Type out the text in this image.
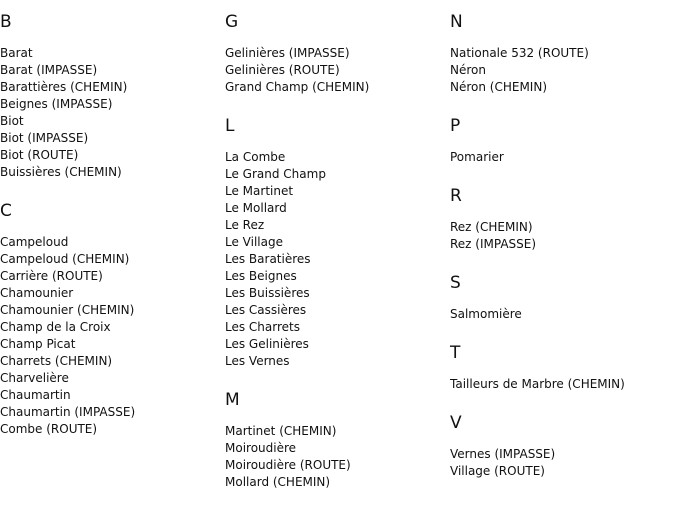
B
Barat
Barat (IMPASSE)
Barattières (CHEMIN)
Beignes (IMPASSE)
Biot
Biot (IMPASSE)
Biot (ROUTE)
Buissières (CHEMIN)
C
Campeloud
Campeloud (CHEMIN)
Carrière (ROUTE)
Chamounier
Chamounier (CHEMIN)
Champ de la Croix
Champ Picat
Charrets (CHEMIN)
Charvelière
Chaumartin
Chaumartin (IMPASSE)
Combe (ROUTE)
G
Gelinières (IMPASSE)
Gelinières (ROUTE)
Grand Champ (CHEMIN)
L
La Combe
Le Grand Champ
Le Martinet
Le Mollard
Le Rez
Le Village
Les Baratières
Les Beignes
Les Buissières
Les Cassières
Les Charrets
Les Gelinières
Les Vernes
M
Martinet (CHEMIN)
Moiroudière
Moiroudière (ROUTE)
Mollard (CHEMIN)
N
Nationale 532 (ROUTE)
Néron
Néron (CHEMIN)
P
Pomarier
R
Rez (CHEMIN)
Rez (IMPASSE)
S
Salmomière
T
Tailleurs de Marbre (CHEMIN)
V
Vernes (IMPASSE)
Village (ROUTE)
